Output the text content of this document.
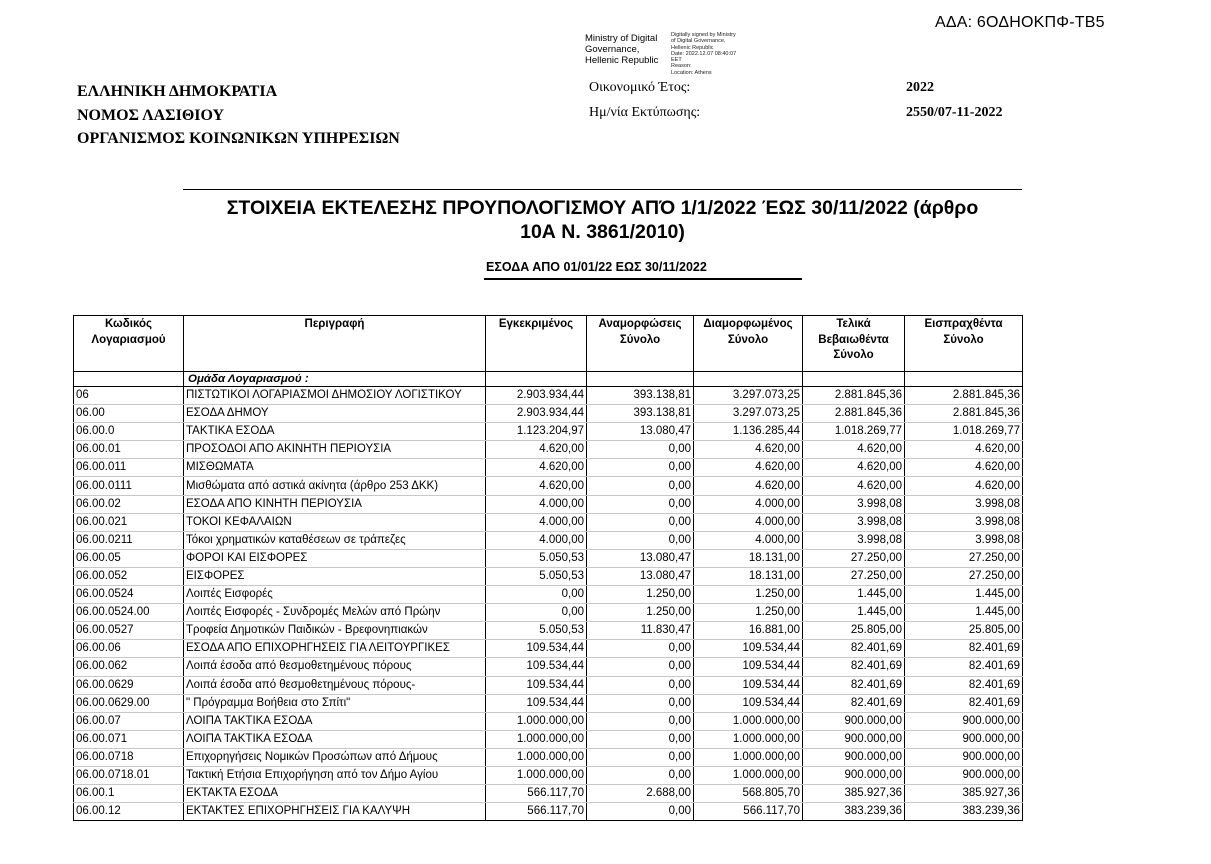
ΑΔΑ: 6ΟΔΗΟΚΠΦ-ΤΒ5
Ministry of Digital
Governance,
Hellenic Republic
Digitally signed by Ministry
of Digital Governance,
Hellenic Republic
Date: 2022.12.07 08:40:07
EET
Reason:
Location: Athens
ΕΛΛΗΝΙΚΗ ΔΗΜΟΚΡΑΤΙΑ
ΝΟΜΟΣ ΛΑΣΙΘΙΟΥ
ΟΡΓΑΝΙΣΜΟΣ ΚΟΙΝΩΝΙΚΩΝ ΥΠΗΡΕΣΙΩΝ
Οικονομικό Έτος:	2022
Ημ/νία Εκτύπωσης:	2550/07-11-2022
ΣΤΟΙΧΕΙΑ ΕΚΤΕΛΕΣΗΣ ΠΡΟΥΠΟΛΟΓΙΣΜΟΥ ΑΠΌ 1/1/2022 ΈΩΣ 30/11/2022 (άρθρο
10Α Ν. 3861/2010)
ΕΣΟΔΑ ΑΠΟ 01/01/22 ΕΩΣ 30/11/2022
Κωδικός Λογαριασμού	Περιγραφή	Εγκεκριμένος	Αναμορφώσεις Σύνολο	Διαμορφωμένος Σύνολο	Τελικά Βεβαιωθέντα Σύνολο	Εισπραχθέντα Σύνολο
	Ομάδα Λογαριασμού :					
06	ΠΙΣΤΩΤΙΚΟΙ ΛΟΓΑΡΙΑΣΜΟΙ ΔΗΜΟΣΙΟΥ ΛΟΓΙΣΤΙΚΟΥ	2.903.934,44	393.138,81	3.297.073,25	2.881.845,36	2.881.845,36
06.00	ΕΣΟΔΑ ΔΗΜΟΥ	2.903.934,44	393.138,81	3.297.073,25	2.881.845,36	2.881.845,36
06.00.0	ΤΑΚΤΙΚΑ ΕΣΟΔΑ	1.123.204,97	13.080,47	1.136.285,44	1.018.269,77	1.018.269,77
06.00.01	ΠΡΟΣΟΔΟΙ ΑΠΟ ΑΚΙΝΗΤΗ ΠΕΡΙΟΥΣΙΑ	4.620,00	0,00	4.620,00	4.620,00	4.620,00
06.00.011	ΜΙΣΘΩΜΑΤΑ	4.620,00	0,00	4.620,00	4.620,00	4.620,00
06.00.0111	Μισθώματα από αστικά ακίνητα (άρθρο 253 ΔΚΚ)	4.620,00	0,00	4.620,00	4.620,00	4.620,00
06.00.02	ΕΣΟΔΑ ΑΠΟ ΚΙΝΗΤΗ ΠΕΡΙΟΥΣΙΑ	4.000,00	0,00	4.000,00	3.998,08	3.998,08
06.00.021	ΤΟΚΟΙ ΚΕΦΑΛΑΙΩΝ	4.000,00	0,00	4.000,00	3.998,08	3.998,08
06.00.0211	Τόκοι χρηματικών καταθέσεων σε τράπεζες	4.000,00	0,00	4.000,00	3.998,08	3.998,08
06.00.05	ΦΟΡΟΙ ΚΑΙ ΕΙΣΦΟΡΕΣ	5.050,53	13.080,47	18.131,00	27.250,00	27.250,00
06.00.052	ΕΙΣΦΟΡΕΣ	5.050,53	13.080,47	18.131,00	27.250,00	27.250,00
06.00.0524	Λοιπές Εισφορές	0,00	1.250,00	1.250,00	1.445,00	1.445,00
06.00.0524.00	Λοιπές Εισφορές - Συνδρομές Μελών από Πρώην	0,00	1.250,00	1.250,00	1.445,00	1.445,00
06.00.0527	Τροφεία Δημοτικών Παιδικών - Βρεφονηπιακών	5.050,53	11.830,47	16.881,00	25.805,00	25.805,00
06.00.06	ΕΣΟΔΑ ΑΠΟ ΕΠΙΧΟΡΗΓΗΣΕΙΣ ΓΙΑ ΛΕΙΤΟΥΡΓΙΚΕΣ	109.534,44	0,00	109.534,44	82.401,69	82.401,69
06.00.062	Λοιπά έσοδα από θεσμοθετημένους πόρους	109.534,44	0,00	109.534,44	82.401,69	82.401,69
06.00.0629	Λοιπά έσοδα από θεσμοθετημένους πόρους-	109.534,44	0,00	109.534,44	82.401,69	82.401,69
06.00.0629.00	" Πρόγραμμα Βοήθεια στο Σπίτι"	109.534,44	0,00	109.534,44	82.401,69	82.401,69
06.00.07	ΛΟΙΠΑ ΤΑΚΤΙΚΑ ΕΣΟΔΑ	1.000.000,00	0,00	1.000.000,00	900.000,00	900.000,00
06.00.071	ΛΟΙΠΑ ΤΑΚΤΙΚΑ ΕΣΟΔΑ	1.000.000,00	0,00	1.000.000,00	900.000,00	900.000,00
06.00.0718	Επιχορηγήσεις Νομικών Προσώπων από Δήμους	1.000.000,00	0,00	1.000.000,00	900.000,00	900.000,00
06.00.0718.01	Τακτική Ετήσια Επιχορήγηση από τον Δήμο Αγίου	1.000.000,00	0,00	1.000.000,00	900.000,00	900.000,00
06.00.1	ΕΚΤΑΚΤΑ ΕΣΟΔΑ	566.117,70	2.688,00	568.805,70	385.927,36	385.927,36
06.00.12	ΕΚΤΑΚΤΕΣ ΕΠΙΧΟΡΗΓΗΣΕΙΣ ΓΙΑ ΚΑΛΥΨΗ	566.117,70	0,00	566.117,70	383.239,36	383.239,36
